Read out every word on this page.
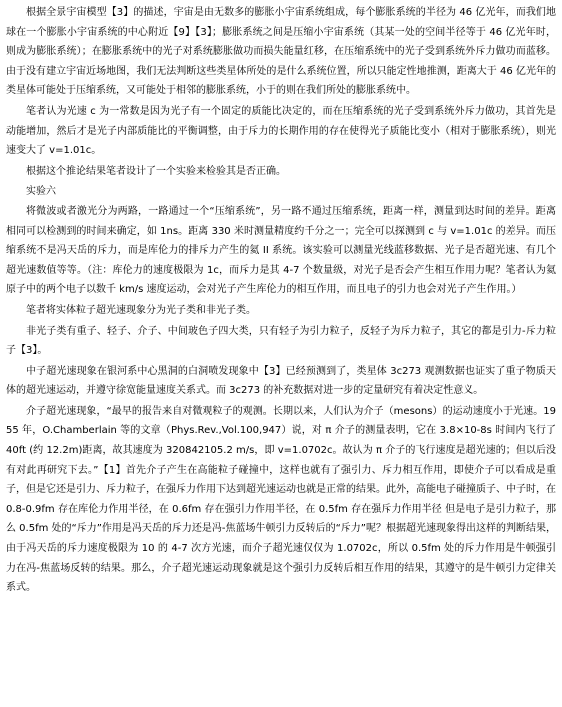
根据全景宇宙模型【3】的描述，宇宙是由无数多的膨胀小宇宙系统组成，每个膨胀系统的半径为 46 亿光年，而我们地球在一个膨胀小宇宙系统的中心附近【9】【3】；膨胀系统之间是压缩小宇宙系统（其某一处的空间半径等于 46 亿光年时，则成为膨胀系统）；在膨胀系统中的光子对系统膨胀做功而损失能量红移，在压缩系统中的光子受到系统外斥力做功而蓝移。由于没有建立宇宙近场地图，我们无法判断这些类星体所处的是什么系统位置，所以只能定性地推测，距离大于 46 亿光年的类星体可能处于压缩系统，又可能处于相邻的膨胀系统，小于的则在我们所处的膨胀系统中。

笔者认为光速 c 为一常数是因为光子有一个固定的质能比决定的，而在压缩系统的光子受到系统外斥力做功，其首先是动能增加，然后才是光子内部质能比的平衡调整，由于斥力的长期作用的存在使得光子质能比变小（相对于膨胀系统），则光速变大了 v=1.01c。

根据这个推论结果笔者设计了一个实验来检验其是否正确。

实验六

将微波或者激光分为两路，一路通过一个“压缩系统”，另一路不通过压缩系统，距离一样，测量到达时间的差异。距离相同可以检测到的时间来确定，如 1ns。距离 330 米时测量精度约千分之一；完全可以探测到 c 与 v=1.01c 的差异。而压缩系统不是冯天岳的斥力，而是库伦力的排斥力产生的氦 II 系统。该实验可以测量光线蓝移数据、光子是否超光速、有几个超光速数值等等。（注：库伦力的速度极限为 1c，而斥力是其 4-7 个数量级，对光子是否会产生相互作用力呢？笔者认为氦原子中的两个电子以数千 km/s 速度运动，会对光子产生库伦力的相互作用，而且电子的引力也会对光子产生作用。）

笔者将实体粒子超光速现象分为光子类和非光子类。

非光子类有重子、轻子、介子、中间玻色子四大类，只有轻子为引力粒子，反轻子为斥力粒子，其它的都是引力-斥力粒子【3】。

中子超光速现象在银河系中心黑洞的白洞喷发现象中【3】已经预测到了，类星体 3c273 观测数据也证实了重子物质天体的超光速运动，并遵守徐宽能量速度关系式。而 3c273 的补充数据对进一步的定量研究有着决定性意义。

介子超光速现象，“最早的报告来自对微观粒子的观测。长期以来，人们认为介子（mesons）的运动速度小于光速。1955 年，O.Chamberlain 等的文章（Phys.Rev.,Vol.100,947）说，对 π 介子的测量表明，它在 3.8×10-8s 时间内飞行了 40ft (约 12.2m)距离，故其速度为 320842105.2 m/s，即 v=1.0702c。故认为 π 介子的飞行速度是超光速的；但以后没有对此再研究下去。”【1】首先介子产生在高能粒子碰撞中，这样也就有了强引力、斥力相互作用，即使介子可以看成是重子，但是它还是引力、斥力粒子，在强斥力作用下达到超光速运动也就是正常的结果。此外，高能电子碰撞质子、中子时，在 0.8-0.9fm 存在库伦力作用半径，在 0.6fm 存在强引力作用半径，在 0.5fm 存在强斥力作用半径 但是电子是引力粒子，那么 0.5fm 处的“斥力”作用是冯天岳的斥力还是冯-焦蓝场牛顿引力反转后的“斥力”呢？根据超光速现象得出这样的判断结果，由于冯天岳的斥力速度极限为 10 的 4-7 次方光速，而介子超光速仅仅为 1.0702c，所以 0.5fm 处的斥力作用是牛顿强引力在冯-焦蓝场反转的结果。那么，介子超光速运动现象就是这个强引力反转后相互作用的结果，其遵守的是牛顿引力定律关系式。
